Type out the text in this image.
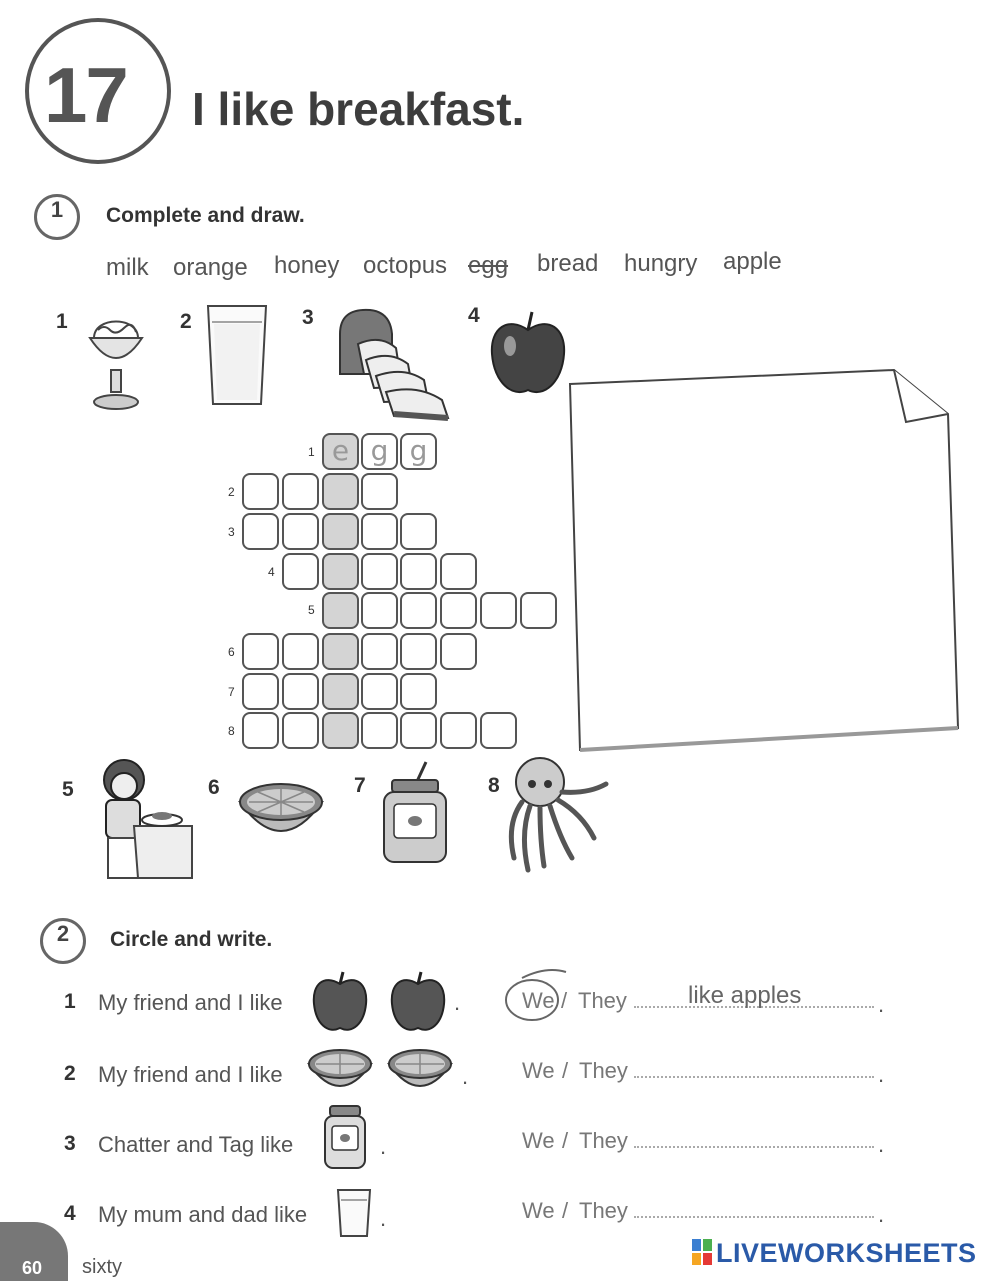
17 I like breakfast.
1	Complete and draw.
milk orange honey octopus egg bread hungry apple
1	2	3	4
1 e g g
2
3
4
5
6
7
8
5	6	7	8
2	Circle and write.
1 My friend and I like	.	We / They	like apples	.
2 My friend and I like	. We / They	.
3 Chatter and Tag like	.	We / They	.
4 My mum and dad like	.	We / They	.
60 sixty	LIVEWORKSHEETS
